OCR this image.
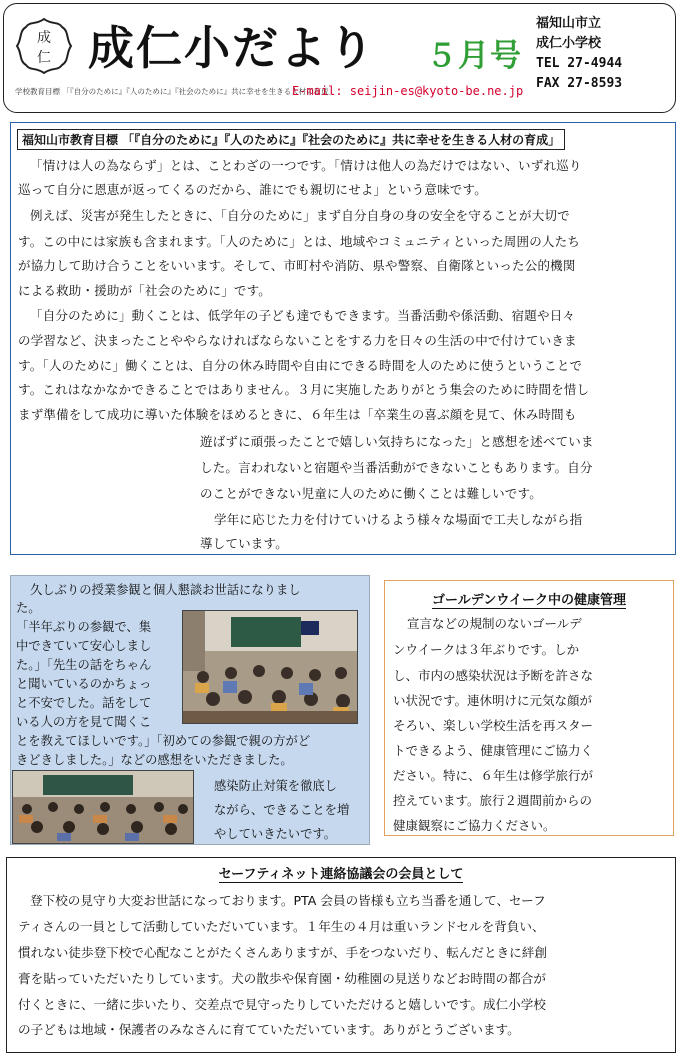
成
仁 成仁小だより ５月号
福知山市立
成仁小学校
TEL 27-4944
FAX 27-8593
学校教育目標 「『自分のために』『人のために』『社会のために』共に幸せを生きる人材の育成」
E-mail: seijin-es@kyoto-be.ne.jp
福知山市教育目標 「『自分のために』『人のために』『社会のために』共に幸せを生きる人材の育成」
「情けは人の為ならず」とは、ことわざの一つです。「情けは他人の為だけではない、いずれ巡り
巡って自分に恩恵が返ってくるのだから、誰にでも親切にせよ」という意味です。
例えば、災害が発生したときに、「自分のために」まず自分自身の身の安全を守ることが大切で
す。この中には家族も含まれます。「人のために」とは、地域やコミュニティといった周囲の人たち
が協力して助け合うことをいいます。そして、市町村や消防、県や警察、自衛隊といった公的機関
による救助・援助が「社会のために」です。
「自分のために」動くことは、低学年の子ども達でもできます。当番活動や係活動、宿題や日々
の学習など、決まったことややらなければならないことをする力を日々の生活の中で付けていきま
す。「人のために」働くことは、自分の休み時間や自由にできる時間を人のために使うということで
す。これはなかなかできることではありません。３月に実施したありがとう集会のために時間を惜し
まず準備をして成功に導いた体験をほめるときに、６年生は「卒業生の喜ぶ顔を見て、休み時間も
遊ばずに頑張ったことで嬉しい気持ちになった」と感想を述べていま
した。言われないと宿題や当番活動ができないこともあります。自分
のことができない児童に人のために働くことは難しいです。
学年に応じた力を付けていけるよう様々な場面で工夫しながら指
導しています。
久しぶりの授業参観と個人懇談お世話になりまし
た。
「半年ぶりの参観で、集
中できていて安心しまし
た。」「先生の話をちゃん
と聞いているのかちょっ
と不安でした。話をして
いる人の方を見て聞くこ
とを教えてほしいです。」「初めての参観で親の方がど
きどきしました。」などの感想をいただきました。
感染防止対策を徹底し
ながら、できることを増
やしていきたいです。
ゴールデンウイーク中の健康管理
宣言などの規制のないゴールデ
ンウイークは３年ぶりです。しか
し、市内の感染状況は予断を許さな
い状況です。連休明けに元気な顔が
そろい、楽しい学校生活を再スター
トできるよう、健康管理にご協力く
ださい。特に、６年生は修学旅行が
控えています。旅行２週間前からの
健康観察にご協力ください。
セーフティネット連絡協議会の会員として
登下校の見守り大変お世話になっております。PTA 会員の皆様も立ち当番を通して、セーフ
ティさんの一員として活動していただいています。１年生の４月は重いランドセルを背負い、
慣れない徒歩登下校で心配なことがたくさんありますが、手をつないだり、転んだときに絆創
膏を貼っていただいたりしています。犬の散歩や保育園・幼稚園の見送りなどお時間の都合が
付くときに、一緒に歩いたり、交差点で見守ったりしていただけると嬉しいです。成仁小学校
の子どもは地域・保護者のみなさんに育てていただいています。ありがとうございます。
